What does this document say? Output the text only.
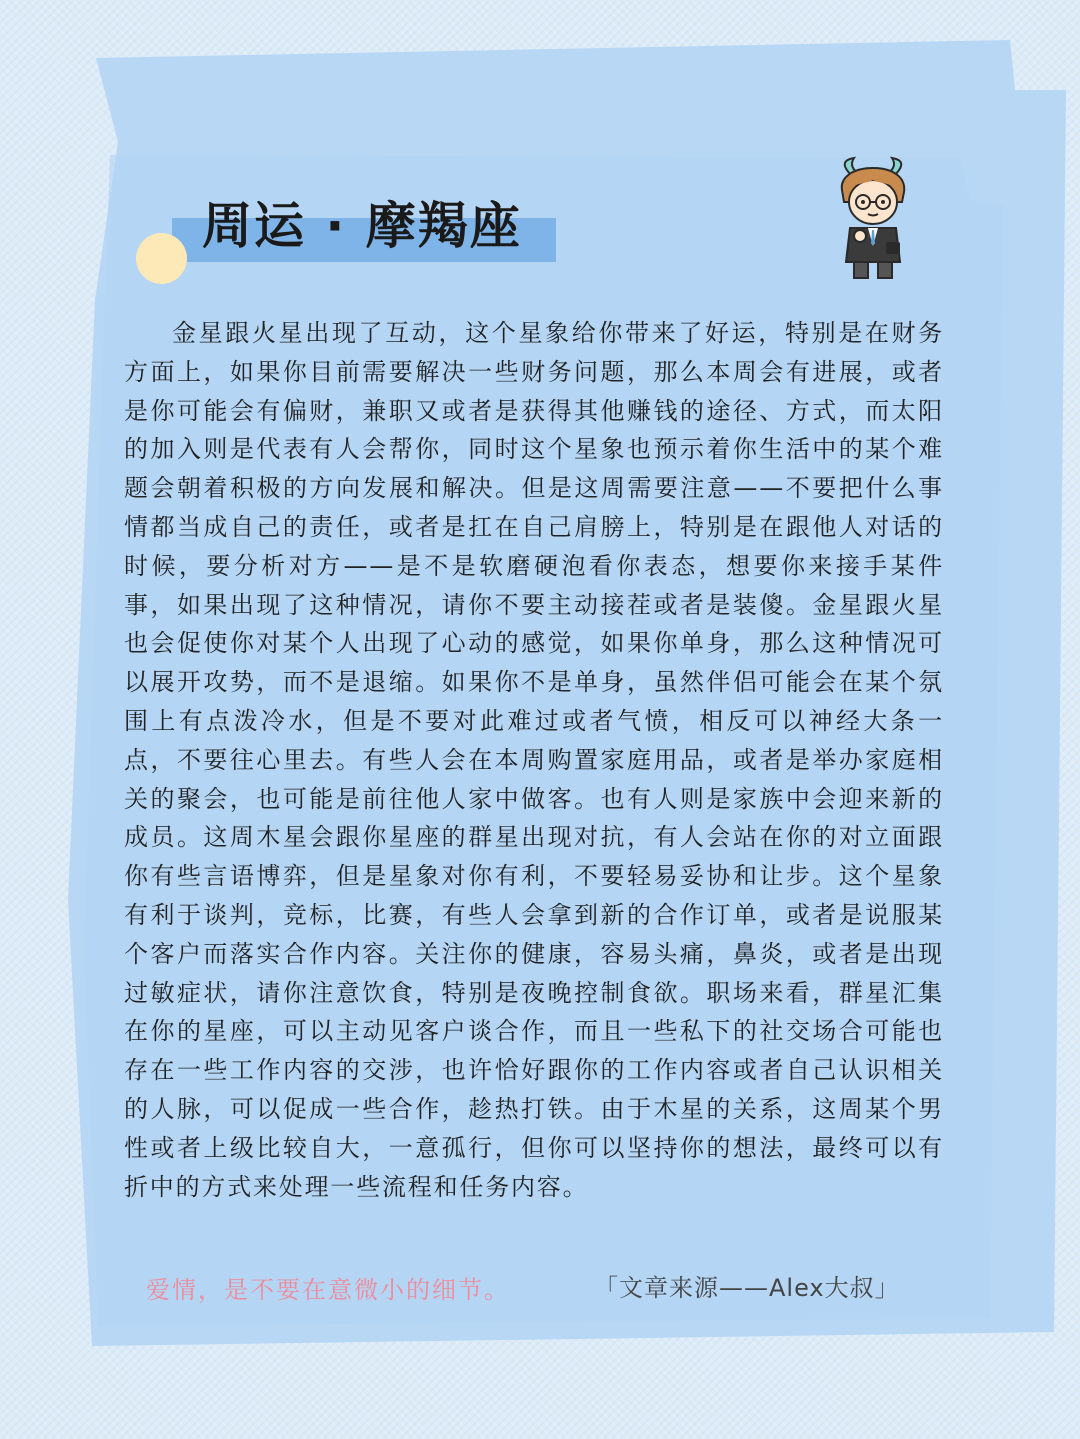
周运 · 摩羯座

金星跟火星出现了互动，这个星象给你带来了好运，特别是在财务方面上，如果你目前需要解决一些财务问题，那么本周会有进展，或者是你可能会有偏财，兼职又或者是获得其他赚钱的途径、方式，而太阳的加入则是代表有人会帮你，同时这个星象也预示着你生活中的某个难题会朝着积极的方向发展和解决。但是这周需要注意——不要把什么事情都当成自己的责任，或者是扛在自己肩膀上，特别是在跟他人对话的时候，要分析对方——是不是软磨硬泡看你表态，想要你来接手某件事，如果出现了这种情况，请你不要主动接茬或者是装傻。金星跟火星也会促使你对某个人出现了心动的感觉，如果你单身，那么这种情况可以展开攻势，而不是退缩。如果你不是单身，虽然伴侣可能会在某个氛围上有点泼冷水，但是不要对此难过或者气愤，相反可以神经大条一点，不要往心里去。有些人会在本周购置家庭用品，或者是举办家庭相关的聚会，也可能是前往他人家中做客。也有人则是家族中会迎来新的成员。这周木星会跟你星座的群星出现对抗，有人会站在你的对立面跟你有些言语博弈，但是星象对你有利，不要轻易妥协和让步。这个星象有利于谈判，竞标，比赛，有些人会拿到新的合作订单，或者是说服某个客户而落实合作内容。关注你的健康，容易头痛，鼻炎，或者是出现过敏症状，请你注意饮食，特别是夜晚控制食欲。职场来看，群星汇集在你的星座，可以主动见客户谈合作，而且一些私下的社交场合可能也存在一些工作内容的交涉，也许恰好跟你的工作内容或者自己认识相关的人脉，可以促成一些合作，趁热打铁。由于木星的关系，这周某个男性或者上级比较自大，一意孤行，但你可以坚持你的想法，最终可以有折中的方式来处理一些流程和任务内容。

爱情，是不要在意微小的细节。	「文章来源——Alex大叔」
